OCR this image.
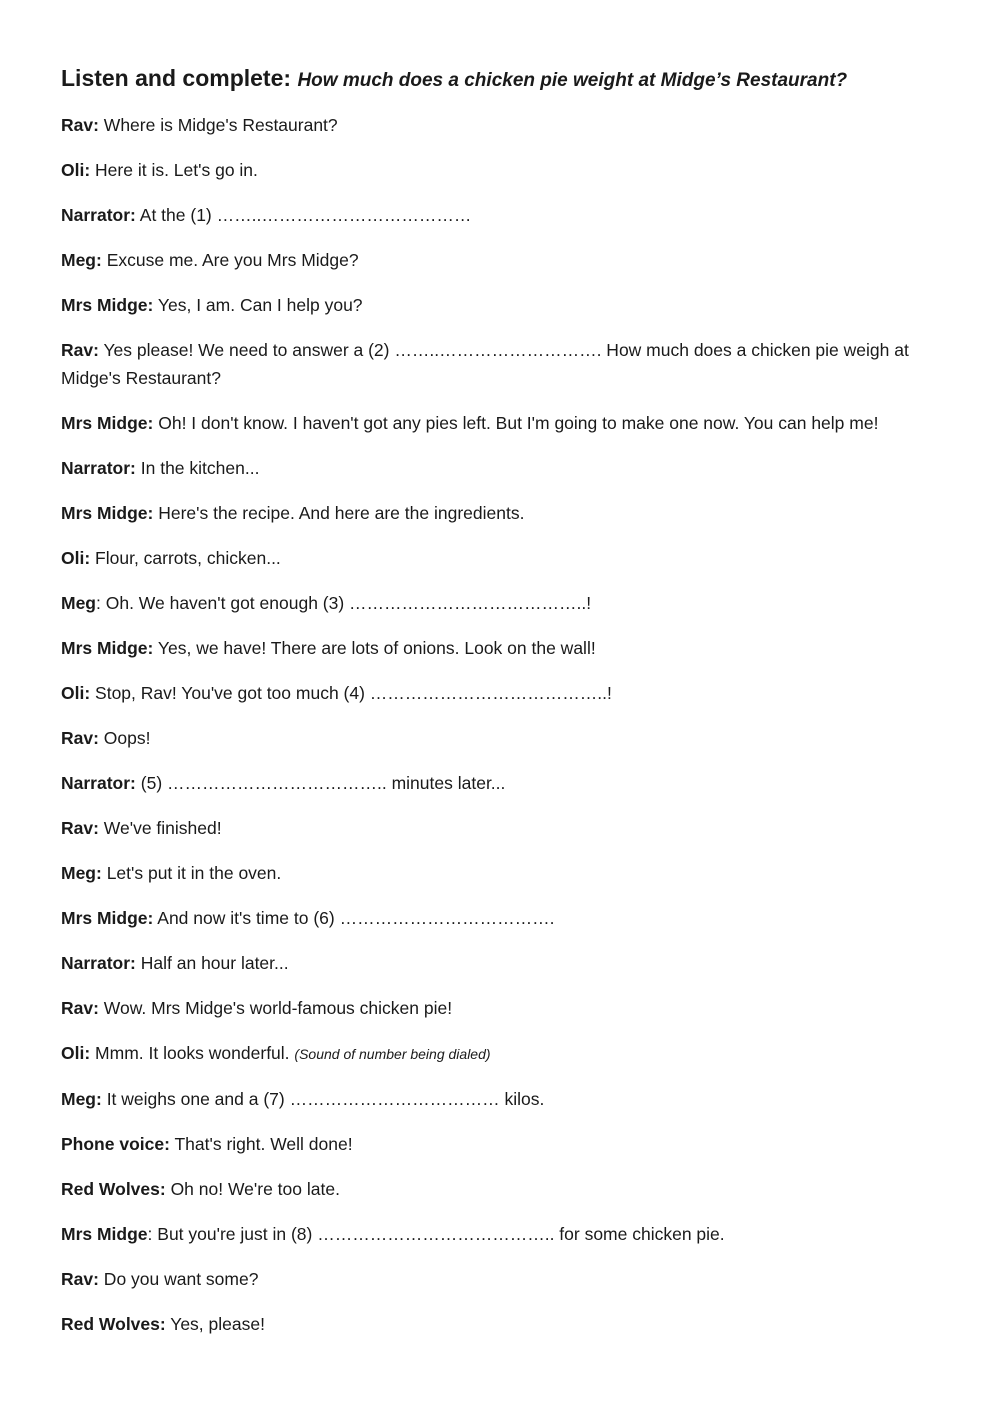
Listen and complete: How much does a chicken pie weight at Midge’s Restaurant?

Rav: Where is Midge's Restaurant?

Oli: Here it is. Let's go in.

Narrator: At the (1) ……..………………………………

Meg: Excuse me. Are you Mrs Midge?

Mrs Midge: Yes, I am. Can I help you?

Rav: Yes please! We need to answer a (2) ……..………………………. How much does a chicken pie weigh at Midge's Restaurant?

Mrs Midge: Oh! I don't know. I haven't got any pies left. But I'm going to make one now. You can help me!

Narrator: In the kitchen...

Mrs Midge: Here's the recipe. And here are the ingredients.

Oli: Flour, carrots, chicken...

Meg: Oh. We haven't got enough (3) …………………………………..!

Mrs Midge: Yes, we have! There are lots of onions. Look on the wall!

Oli: Stop, Rav! You've got too much (4) …………………………………..!

Rav: Oops!

Narrator: (5) ……………………………….. minutes later...

Rav: We've finished!

Meg: Let's put it in the oven.

Mrs Midge: And now it's time to (6) ……………………………….

Narrator: Half an hour later...

Rav: Wow. Mrs Midge's world-famous chicken pie!

Oli: Mmm. It looks wonderful. (Sound of number being dialed)

Meg: It weighs one and a (7) ……………………………… kilos.

Phone voice: That's right. Well done!

Red Wolves: Oh no! We're too late.

Mrs Midge: But you're just in (8) ………………………………….. for some chicken pie.

Rav: Do you want some?

Red Wolves: Yes, please!
